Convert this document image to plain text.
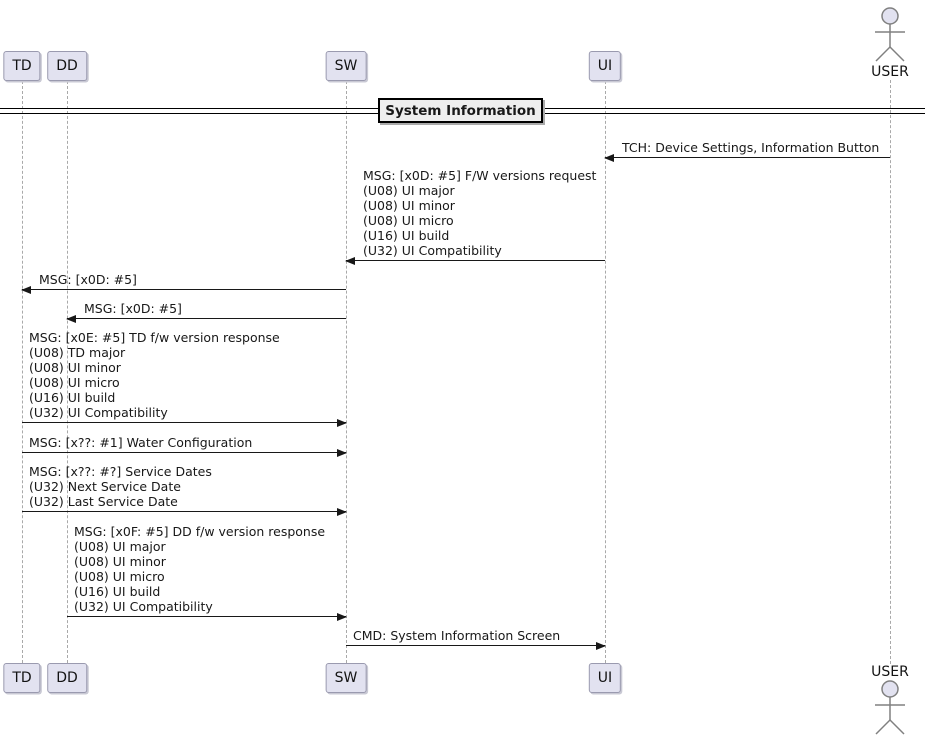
TD DD	SW	UI	USER
System Information
TCH: Device Settings, Information Button
MSG: [x0D: #5] F/W versions request
(U08) UI major
(U08) UI minor
(U08) UI micro
(U16) UI build
(U32) UI Compatibility
MSG: [x0D: #5]
MSG: [x0D: #5]
MSG: [x0E: #5] TD f/w version response
(U08) TD major
(U08) UI minor
(U08) UI micro
(U16) UI build
(U32) UI Compatibility
MSG: [x??: #1] Water Configuration
MSG: [x??: #?] Service Dates
(U32) Next Service Date
(U32) Last Service Date
MSG: [x0F: #5] DD f/w version response
(U08) UI major
(U08) UI minor
(U08) UI micro
(U16) UI build
(U32) UI Compatibility
CMD: System Information Screen
TD DD	SW	UI	USER
